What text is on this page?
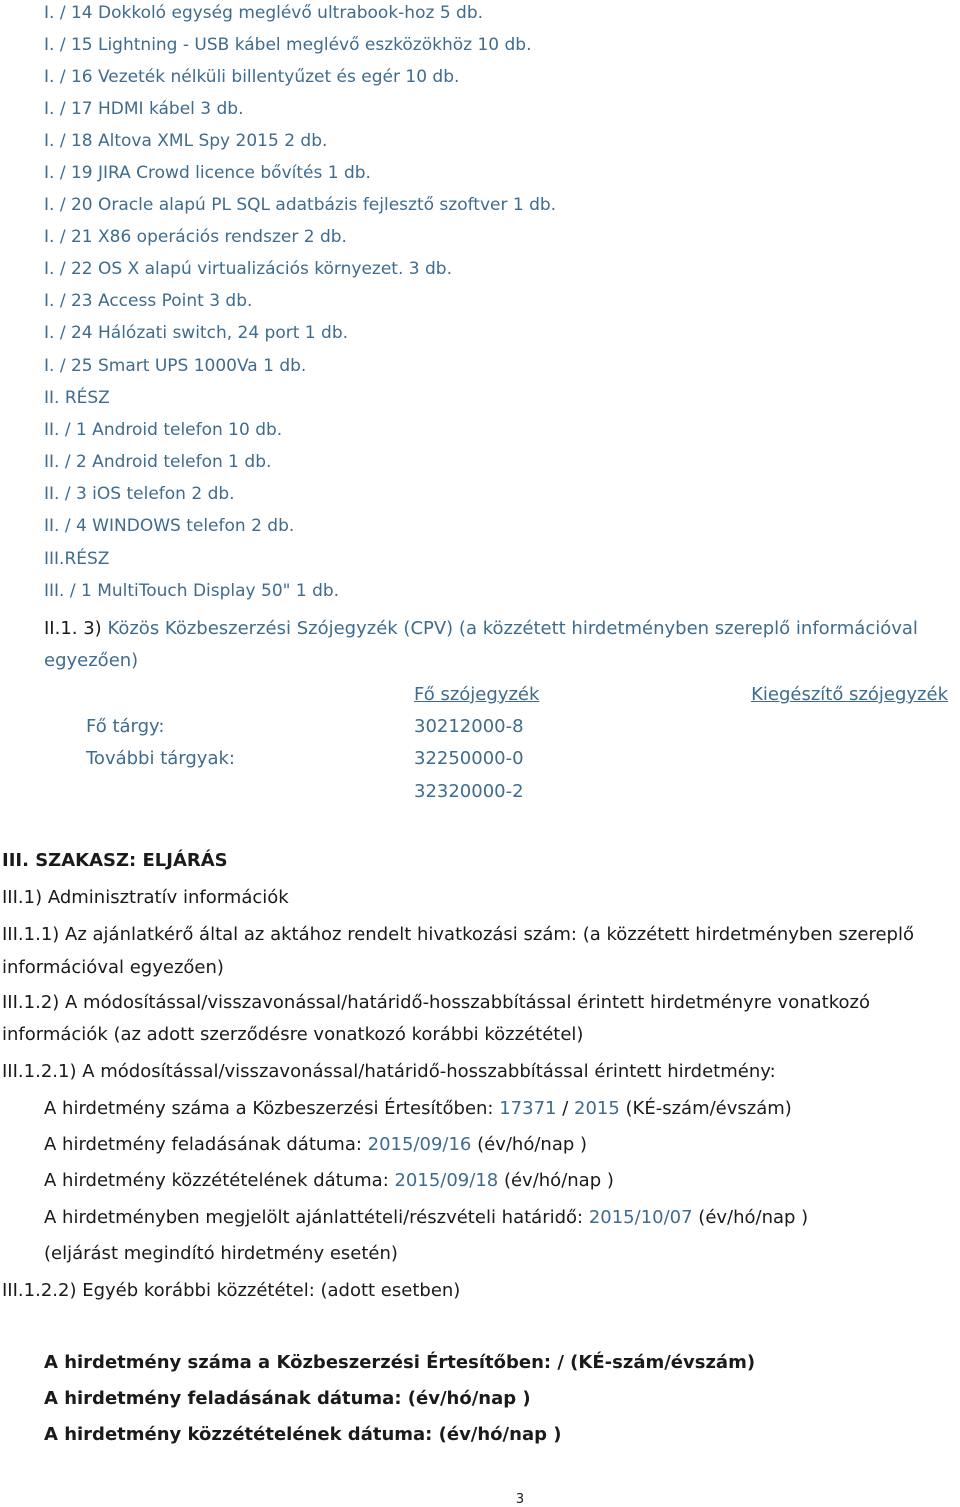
I. / 14 Dokkoló egység meglévő ultrabook-hoz 5 db.
I. / 15 Lightning - USB kábel meglévő eszközökhöz 10 db.
I. / 16 Vezeték nélküli billentyűzet és egér 10 db.
I. / 17 HDMI kábel 3 db.
I. / 18 Altova XML Spy 2015 2 db.
I. / 19 JIRA Crowd licence bővítés 1 db.
I. / 20 Oracle alapú PL SQL adatbázis fejlesztő szoftver 1 db.
I. / 21 X86 operációs rendszer 2 db.
I. / 22 OS X alapú virtualizációs környezet. 3 db.
I. / 23 Access Point 3 db.
I. / 24 Hálózati switch, 24 port 1 db.
I. / 25 Smart UPS 1000Va 1 db.
II. RÉSZ
II. / 1 Android telefon 10 db.
II. / 2 Android telefon 1 db.
II. / 3 iOS telefon 2 db.
II. / 4 WINDOWS telefon 2 db.
III.RÉSZ
III. / 1 MultiTouch Display 50" 1 db.
II.1. 3) Közös Közbeszerzési Szójegyzék (CPV) (a közzétett hirdetményben szereplő információval
egyezően)
Fő szójegyzék	Kiegészítő szójegyzék
Fő tárgy:	30212000-8
További tárgyak:	32250000-0
32320000-2
III. SZAKASZ: ELJÁRÁS
III.1) Adminisztratív információk
III.1.1) Az ajánlatkérő által az aktához rendelt hivatkozási szám: (a közzétett hirdetményben szereplő
információval egyezően)
III.1.2) A módosítással/visszavonással/határidő-hosszabbítással érintett hirdetményre vonatkozó
információk (az adott szerződésre vonatkozó korábbi közzététel)
III.1.2.1) A módosítással/visszavonással/határidő-hosszabbítással érintett hirdetmény:
A hirdetmény száma a Közbeszerzési Értesítőben: 17371 / 2015 (KÉ-szám/évszám)
A hirdetmény feladásának dátuma: 2015/09/16 (év/hó/nap )
A hirdetmény közzétételének dátuma: 2015/09/18 (év/hó/nap )
A hirdetményben megjelölt ajánlattételi/részvételi határidő: 2015/10/07 (év/hó/nap )
(eljárást megindító hirdetmény esetén)
III.1.2.2) Egyéb korábbi közzététel: (adott esetben)
A hirdetmény száma a Közbeszerzési Értesítőben: / (KÉ-szám/évszám)
A hirdetmény feladásának dátuma: (év/hó/nap )
A hirdetmény közzétételének dátuma: (év/hó/nap )
3
